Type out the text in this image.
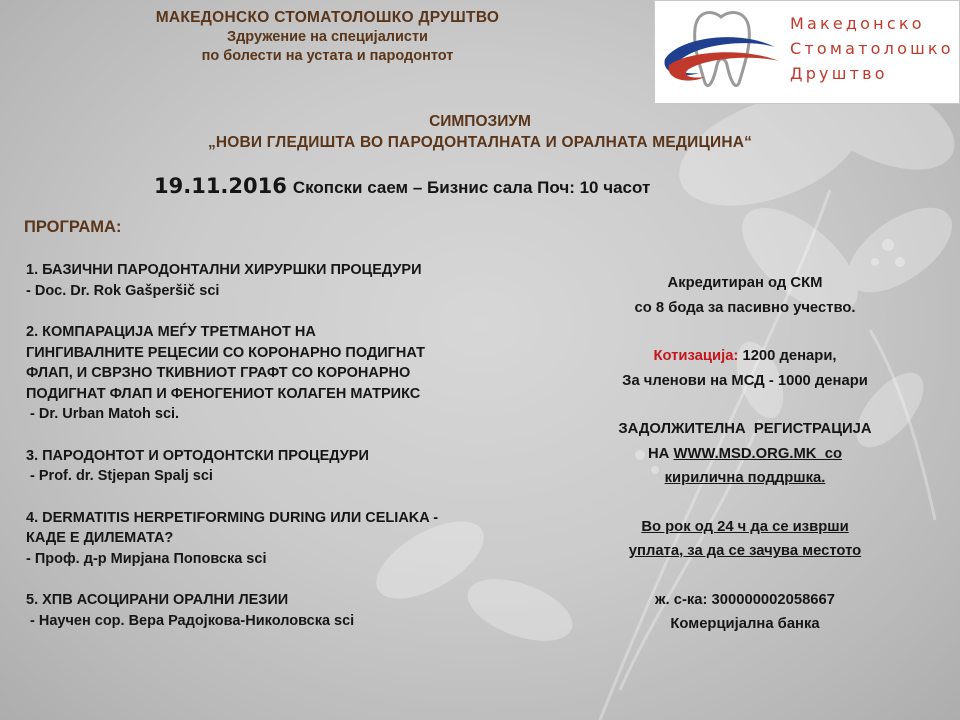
МАКЕДОНСКО СТОМАТОЛОШКО ДРУШТВО
Здружение на специјалисти
по болести на устата и пародонтот
Македонско
Стоматолошко
Друштво
СИМПОЗИУМ
„НОВИ ГЛЕДИШТА ВО ПАРОДОНТАЛНАТА И ОРАЛНАТА МЕДИЦИНА“
19.11.2016 Скопски саем – Бизнис сала Поч: 10 часот
ПРОГРАМА:
1. БАЗИЧНИ ПАРОДОНТАЛНИ ХИРУРШКИ ПРОЦЕДУРИ
- Doc. Dr. Rok Gašperšič sci
2. КОМПАРАЦИЈА МЕЃУ ТРЕТМАНОТ НА
ГИНГИВАЛНИТЕ РЕЦЕСИИ СО КОРОНАРНО ПОДИГНАТ
ФЛАП, И СВРЗНО ТКИВНИОТ ГРАФТ СО КОРОНАРНО
ПОДИГНАТ ФЛАП И ФЕНОГЕНИОТ КОЛАГЕН МАТРИКС
- Dr. Urban Matoh sci.
3. ПАРОДОНТОТ И ОРТОДОНТСКИ ПРОЦЕДУРИ
- Prof. dr. Stjepan Spalj sci
4. DERMATITIS HERPETIFORMING DURING ИЛИ CELIAKA -
КАДЕ Е ДИЛЕМАТА?
- Проф. д-р Мирјана Поповска sci
5. ХПВ АСОЦИРАНИ ОРАЛНИ ЛЕЗИИ
- Научен сор. Вера Радојкова-Николовска sci

Акредитиран од СКМ

со 8 бода за пасивно учество.

Котизација: 1200 денари,

За членови на МСД - 1000 денари

ЗАДОЛЖИТЕЛНА  РЕГИСТРАЦИЈА

НА WWW.MSD.ORG.MK  со

кирилична поддршка.

Во рок од 24 ч да се изврши

уплата, за да се зачува местото

ж. с-ка: 300000002058667

Комерцијална банка
